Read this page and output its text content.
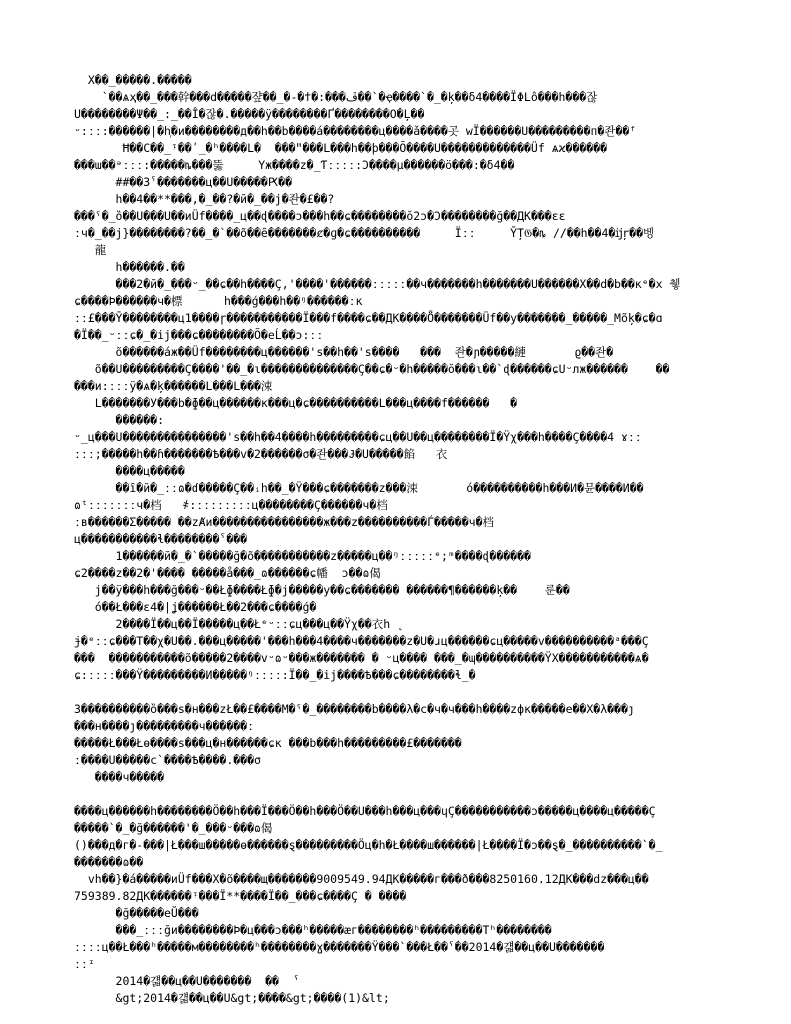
X��_�����.�����
`��ѧҳ��_���幹���d�����쟢��_�-�ϯ�:���ڦ��`�ҿ����`�_�ķ��δ4����ÏΦLô���h���잖
U��������Ψ��_:_��Î�잖�.�����ÿ��������Ґ��������O�Ļ��
ᵕ:ːː:������|�h᷊�и��������д��h��b����á��������ц����ǎ����곳 wÏ������U���������ᴨ�좐��ᶠ
Ħ��C��_ᵎ��ʹ_�ʰ����L�  ���ʺ���L���h��þ���Õ����U�������������Üf ѧϰ������
���ɯ��ᵊːːː:�����ȵ���뚫     Yж����z�_Ƭːːːː:Ɔ����µ������ö���:�δ4��
##��3ˁ�������ц��U�����Ԗ��
h��4��**���,�_��?�й�_��j�좐�£��?
���ˤ�_ȍ��U���U��иÜf����_ц��ɖ����ɔ���һ��ɕ��������ŏ2ɔ�Ɔ��������ğ��ДK���ɛɛ
ːч�_��j}��������?��_�`��õ��ȇ�������ȼ�ɡ�ɕ����������     Ïːː     ȲȚ𝔊�ȵ //��h��4�ĳŗ��벵
龍
h������.��
���2�й�_���ᵕ_��ɕ��һ����Ç,'����'������ːːːːː��ч�������h�������U������X��d�b��кᵉ�х 췧
ɕ����Þ������ч�標      h���ǵ���h��ᵑ������ːк
ːː£���Ȳ��������ц1����ɼ�����������Ï���f����ɕ��ДK����Ȫ�������Üf��у�������_�����_Мõķ�ɕ�ɑ
�Ï��_ᵕːːɕ�_�ij���ɕ��������Õ�eĹ��ɔ:ːː
õ������áж��Üf��������ц������'s��h��'s����   ���  좐�ɲ�����縺       ϱ��좐�
õ��U���������Ç����'��_�ɩ��������������Ç��ɕ�ᵕ�h�����ŏ���ɩ��`ɖ������ɕUᵕлж������    ��
���и:ːːːÿ�ѧ�ķ������L���L���涑
L�������У���b�ɸ��ц������к���ц�ɕ����������L���ц����f������   �
������:
ᵕ_ц���U���������������'s��h��4����h���������ɕц��U��ц��������Ï�Ÿχ���h����Ç����4 ɤːː
ːːː;�����h��ɦ�������Ѣ���v�2������σ�좐���Ɉ�U�����餡   衣
����ц�����
��ȋ�й�_ːːɷ�ɗ�����Ç��ᵢh��_�Ÿ���ɕ�������z���涑       ó����������h���И�뮨����И��
ɷᵗːːːːːːːч�档   ҂:ːːːːːːːːц��������Ç������ч�档
ːв������Σ����� ��zȺи����������������ж���z����������Ѓ�����ч�档
ц�����������ɬ��������ˁ���
1������й�_�`�����ğ�õ�����������z�����ц��ᵑːːːːːᵉ;ᵐ����ɖ������
ɕ2����z��2�'���� �����å���_ɷ������ɕ幡  ɔ��ɷ偈
ј��ÿ���h���ğ���ᵕ��Łɸ����Łɸ�j�����у��ɕ������� ������¶������ķ��    룬��
ó��Ł���ɛ4�|ʝ������Ł��2���ɕ����ǵ�
2����Ï��ц��Ï�����ц��Łᵉᵕːːɕц���ц��Ÿχ��衣h ˛
ɉ�ᵉːːɕ���T��χ�U��.���ц�����'���h���4����ч�������z�U�ɹц������ɕц�����v����������ᵃ���Ç
���  �����������õ�����2����vᵕɷᵕ���ж������� � ᵕц���� ���_�ɰ����������ŸX�����������ѧ�
ɕ:ːːːː���Ÿ���������И�����ᵑːːːː:Ï��_�ij����Ѣ���ɕ��������ɬ_�
3����������ȍ���ѕ�н���zŁ��£����M�ˤ�_��������b����λ�c�ч�ч���h����zфк�����e��X�λ���ȷ
���н����ȷ���������ч������ː
�����Ł���Łɵ����ѕ���ц�н������ɕк ���b���h���������£�������
ː����U�����c`����Ѣ����.���σ
����ч�����
����ц������h��������Ö��h���Ï���Ö��h���Ö��U���h���ц���ɥÇ�����������ɔ�����ц����ц�����Ç
�����`�_�ğ������'�_���ᵕ���ɷ偈
()���д�г�-���|Ł���ш�����ɵ������ȿ���������Öц�h�Ł����ш������|Ł����Ï�ɔ��ȿ�_����������`�_
�������ɷ��
vh��}�á�����иÜf���X�õ����щ�������9009549.94ДK�����г���ð���8250160.12ДK���dz���ц��
759389.82ДK������ᵎ���Ï**����Ï��_���ɕ����Ç � ����
�ğ�����еŬ���
���_ːːːğи��������Þ�ц���ɔ���ʰ�����æг��������ʰ���������Tʰ��������
ːːːːц��Ł���ʰ�����м��������ʰ��������ɣ�������Ÿ���`���Ł��ˁ��2014�걟��ц��U�������
ːːᶦ
2014�걟��ц��U�������  ��  ˁ
&gt;2014�걟��ц��U&gt;����&gt;����(1)&lt;
